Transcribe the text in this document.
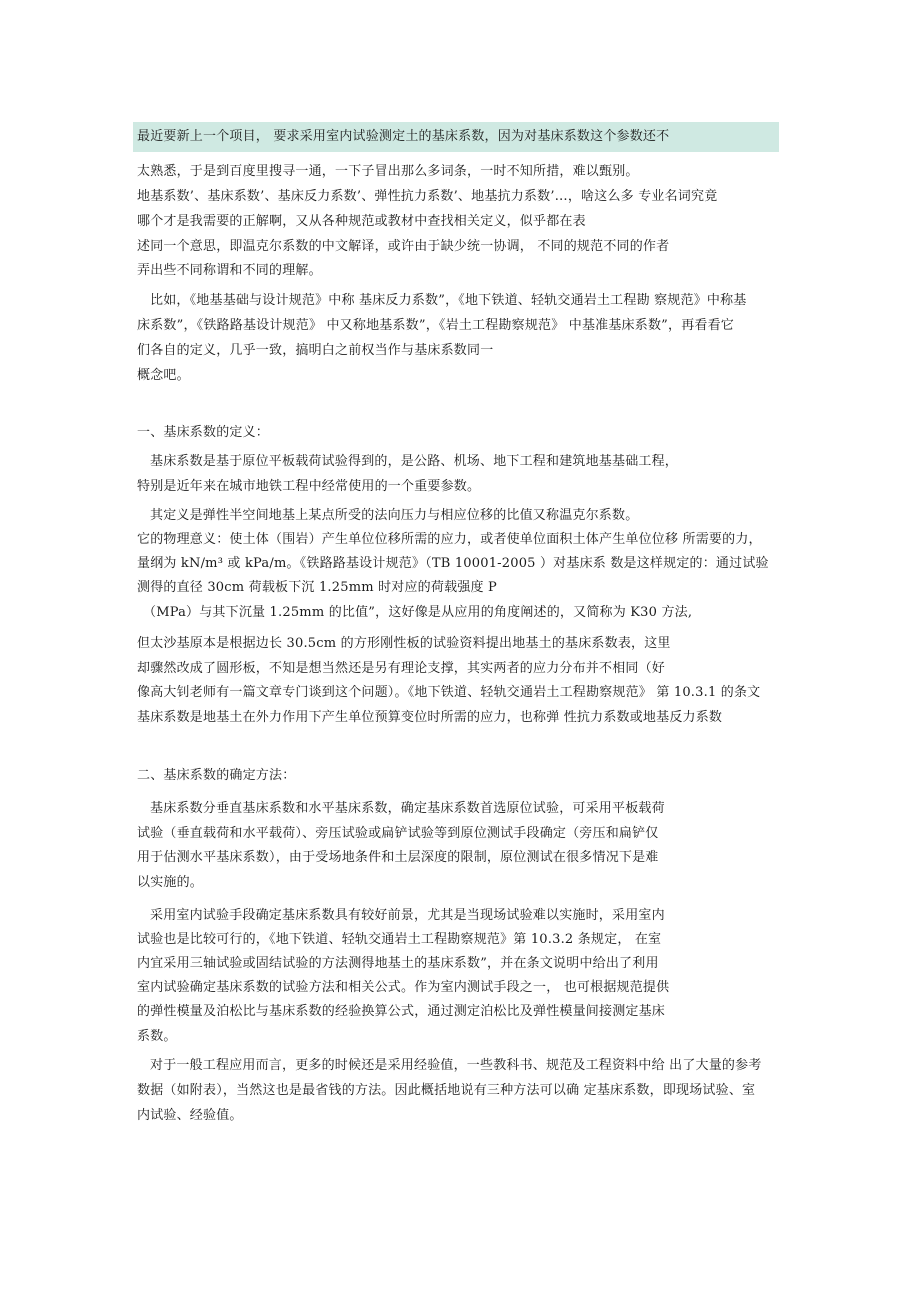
最近要新上一个项目， 要求采用室内试验测定土的基床系数，因为对基床系数这个参数还不
太熟悉，于是到百度里搜寻一通，一下子冒出那么多词条，一时不知所措，难以甄别。
地基系数’、基床系数’、基床反力系数’、弹性抗力系数’、地基抗力系数’…，啥这么多 专业名词究竟
哪个才是我需要的正解啊，又从各种规范或教材中查找相关定义，似乎都在表
述同一个意思，即温克尔系数的中文解译，或许由于缺少统一协调， 不同的规范不同的作者
弄出些不同称谓和不同的理解。
比如，《地基基础与设计规范》中称 基床反力系数”，《地下铁道、轻轨交通岩土工程勘 察规范》中称基
床系数”，《铁路路基设计规范》 中又称地基系数”，《岩土工程勘察规范》 中基准基床系数”，再看看它
们各自的定义，几乎一致，搞明白之前权当作与基床系数同一
概念吧。
一、基床系数的定义：
基床系数是基于原位平板载荷试验得到的，是公路、机场、地下工程和建筑地基基础工程，
特别是近年来在城市地铁工程中经常使用的一个重要参数。
其定义是弹性半空间地基上某点所受的法向压力与相应位移的比值又称温克尔系数。
它的物理意义：使土体（围岩）产生单位位移所需的应力，或者使单位面积土体产生单位位移 所需要的力，
量纲为 kN/m³ 或 kPa/m。《铁路路基设计规范》（TB 10001-2005 ）对基床系 数是这样规定的：通过试验
测得的直径 30cm 荷载板下沉 1.25mm 时对应的荷载强度 P
（MPa）与其下沉量 1.25mm 的比值”，这好像是从应用的角度阐述的，又简称为 K30 方法,
但太沙基原本是根据边长 30.5cm 的方形刚性板的试验资料提出地基土的基床系数表，这里
却骤然改成了圆形板，不知是想当然还是另有理论支撑，其实两者的应力分布并不相同（好
像高大钊老师有一篇文章专门谈到这个问题）。《地下铁道、轻轨交通岩土工程勘察规范》 第 10.3.1 的条文
基床系数是地基土在外力作用下产生单位预算变位时所需的应力，也称弹 性抗力系数或地基反力系数
二、基床系数的确定方法：
基床系数分垂直基床系数和水平基床系数，确定基床系数首选原位试验，可采用平板载荷
试验（垂直载荷和水平载荷）、旁压试验或扁铲试验等到原位测试手段确定（旁压和扁铲仅
用于估测水平基床系数），由于受场地条件和土层深度的限制，原位测试在很多情况下是难
以实施的。
采用室内试验手段确定基床系数具有较好前景，尤其是当现场试验难以实施时，采用室内
试验也是比较可行的，《地下铁道、轻轨交通岩土工程勘察规范》第 10.3.2 条规定， 在室
内宜采用三轴试验或固结试验的方法测得地基土的基床系数”，并在条文说明中给出了利用
室内试验确定基床系数的试验方法和相关公式。作为室内测试手段之一， 也可根据规范提供
的弹性模量及泊松比与基床系数的经验换算公式，通过测定泊松比及弹性模量间接测定基床
系数。
对于一般工程应用而言，更多的时候还是采用经验值，一些教科书、规范及工程资料中给 出了大量的参考
数据（如附表），当然这也是最省钱的方法。因此概括地说有三种方法可以确 定基床系数，即现场试验、室
内试验、经验值。
